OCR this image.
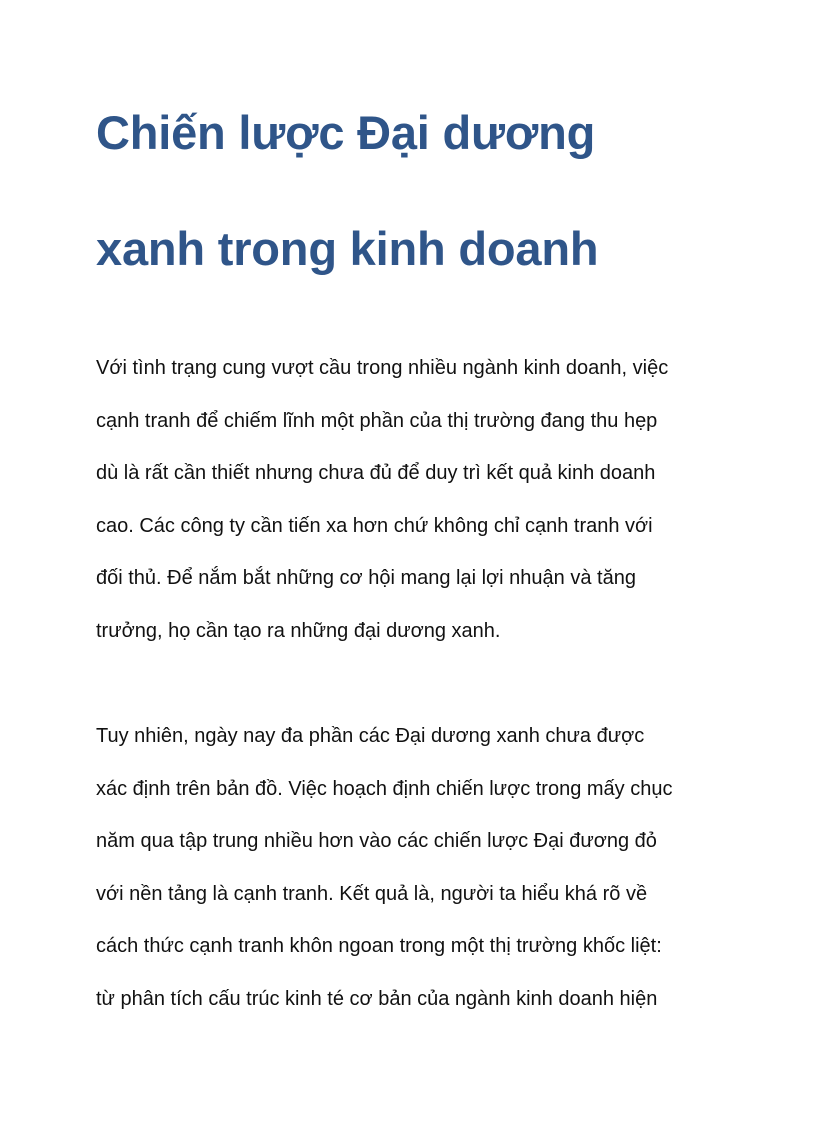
Chiến lược Đại dương
xanh trong kinh doanh

Với tình trạng cung vượt cầu trong nhiều ngành kinh doanh, việc
cạnh tranh để chiếm lĩnh một phần của thị trường đang thu hẹp
dù là rất cần thiết nhưng chưa đủ để duy trì kết quả kinh doanh
cao. Các công ty cần tiến xa hơn chứ không chỉ cạnh tranh với
đối thủ. Để nắm bắt những cơ hội mang lại lợi nhuận và tăng
trưởng, họ cần tạo ra những đại dương xanh.

Tuy nhiên, ngày nay đa phần các Đại dương xanh chưa được
xác định trên bản đồ. Việc hoạch định chiến lược trong mấy chục
năm qua tập trung nhiều hơn vào các chiến lược Đại đương đỏ
với nền tảng là cạnh tranh. Kết quả là, người ta hiểu khá rõ về
cách thức cạnh tranh khôn ngoan trong một thị trường khốc liệt:
từ phân tích cấu trúc kinh té cơ bản của ngành kinh doanh hiện
